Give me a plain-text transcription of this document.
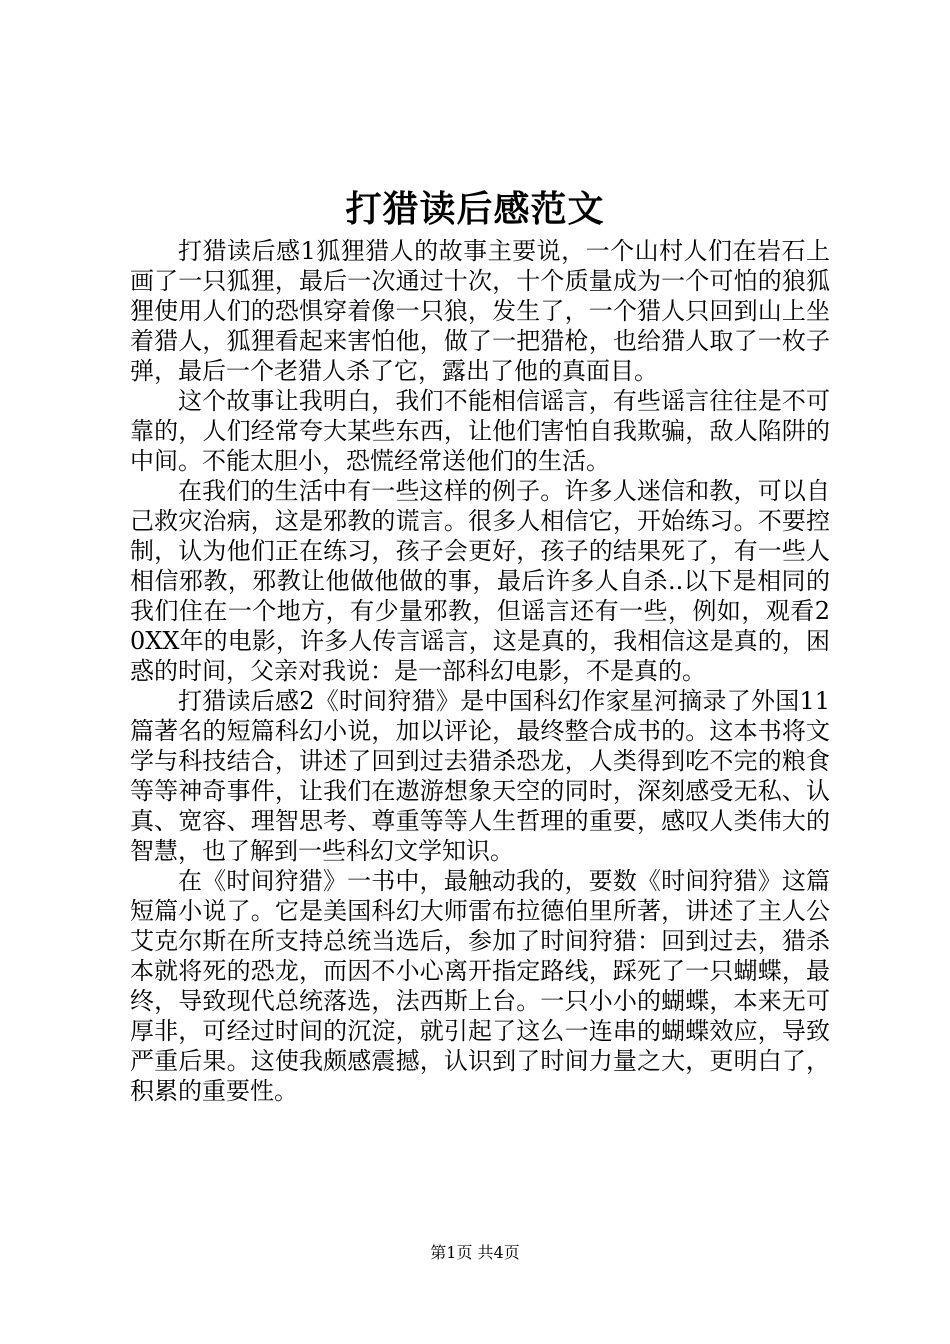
打猎读后感范文

打猎读后感1狐狸猎人的故事主要说，一个山村人们在岩石上画了一只狐狸，最后一次通过十次，十个质量成为一个可怕的狼狐狸使用人们的恐惧穿着像一只狼，发生了，一个猎人只回到山上坐着猎人，狐狸看起来害怕他，做了一把猎枪，也给猎人取了一枚子弹，最后一个老猎人杀了它，露出了他的真面目。

这个故事让我明白，我们不能相信谣言，有些谣言往往是不可靠的，人们经常夸大某些东西，让他们害怕自我欺骗，敌人陷阱的中间。不能太胆小，恐慌经常送他们的生活。

在我们的生活中有一些这样的例子。许多人迷信和教，可以自己救灾治病，这是邪教的谎言。很多人相信它，开始练习。不要控制，认为他们正在练习，孩子会更好，孩子的结果死了，有一些人相信邪教，邪教让他做他做的事，最后许多人自杀..以下是相同的我们住在一个地方，有少量邪教，但谣言还有一些，例如，观看20XX年的电影，许多人传言谣言，这是真的，我相信这是真的，困惑的时间，父亲对我说：是一部科幻电影，不是真的。

打猎读后感2《时间狩猎》是中国科幻作家星河摘录了外国11篇著名的短篇科幻小说，加以评论，最终整合成书的。这本书将文学与科技结合，讲述了回到过去猎杀恐龙，人类得到吃不完的粮食等等神奇事件，让我们在遨游想象天空的同时，深刻感受无私、认真、宽容、理智思考、尊重等等人生哲理的重要，感叹人类伟大的智慧，也了解到一些科幻文学知识。

在《时间狩猎》一书中，最触动我的，要数《时间狩猎》这篇短篇小说了。它是美国科幻大师雷布拉德伯里所著，讲述了主人公艾克尔斯在所支持总统当选后，参加了时间狩猎：回到过去，猎杀本就将死的恐龙，而因不小心离开指定路线，踩死了一只蝴蝶，最终，导致现代总统落选，法西斯上台。一只小小的蝴蝶，本来无可厚非，可经过时间的沉淀，就引起了这么一连串的蝴蝶效应，导致严重后果。这使我颇感震撼，认识到了时间力量之大，更明白了，积累的重要性。

第1页 共4页
